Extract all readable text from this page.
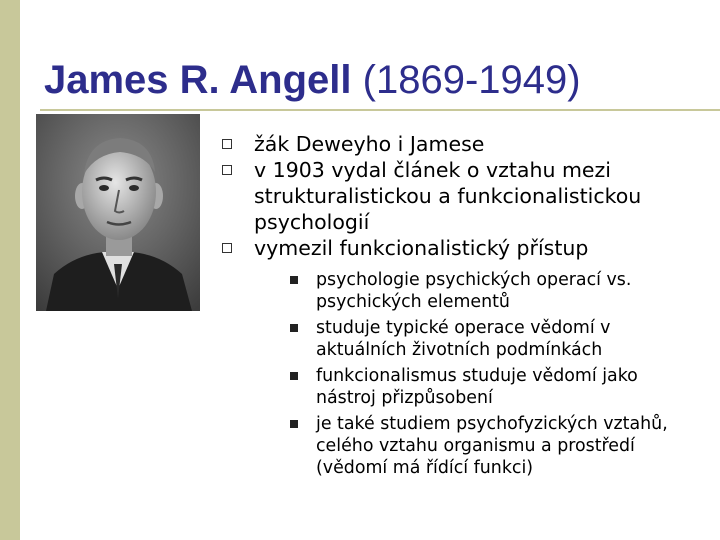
James R. Angell (1869-1949)
žák Deweyho i Jamese
v 1903 vydal článek o vztahu mezi strukturalistickou a funkcionalistickou psychologií
vymezil funkcionalistický přístup
psychologie psychických operací vs. psychických elementů
studuje typické operace vědomí v aktuálních životních podmínkách
funkcionalismus studuje vědomí jako nástroj přizpůsobení
je také studiem psychofyzických vztahů, celého vztahu organismu a prostředí (vědomí má řídící funkci)
